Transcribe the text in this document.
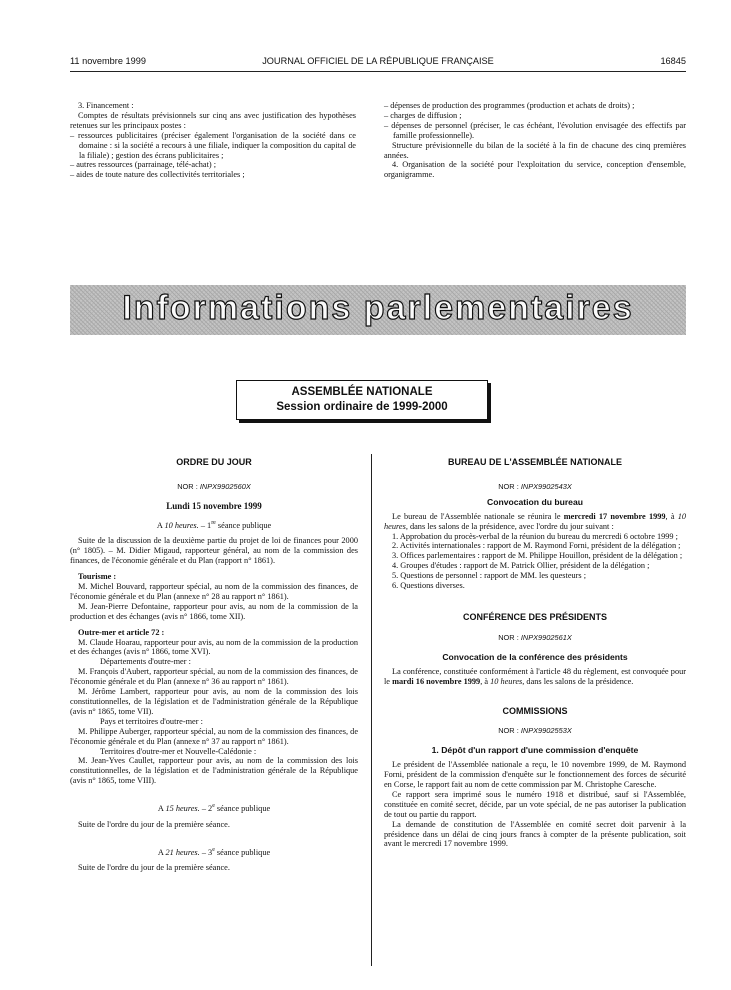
11 novembre 1999	JOURNAL OFFICIEL DE LA RÉPUBLIQUE FRANÇAISE	16845

3. Financement :

Comptes de résultats prévisionnels sur cinq ans avec justification des hypothèses retenues sur les principaux postes :

– ressources publicitaires (préciser également l'organisation de la société dans ce domaine : si la société a recours à une filiale, indiquer la composition du capital de la filiale) ; gestion des écrans publicitaires ;

– autres ressources (parrainage, télé-achat) ;

– aides de toute nature des collectivités territoriales ;

– dépenses de production des programmes (production et achats de droits) ;

– charges de diffusion ;

– dépenses de personnel (préciser, le cas échéant, l'évolution envisagée des effectifs par famille professionnelle).

Structure prévisionnelle du bilan de la société à la fin de chacune des cinq premières années.

4. Organisation de la société pour l'exploitation du service, conception d'ensemble, organigramme.

Informations parlementaires
ASSEMBLÉE NATIONALE
Session ordinaire de 1999-2000

ORDRE DU JOUR

NOR : INPX9902560X

Lundi 15 novembre 1999

A 10 heures. – 1re séance publique

Suite de la discussion de la deuxième partie du projet de loi de finances pour 2000 (n° 1805). – M. Didier Migaud, rapporteur général, au nom de la commission des finances, de l'économie générale et du Plan (rapport n° 1861).

Tourisme :

M. Michel Bouvard, rapporteur spécial, au nom de la commission des finances, de l'économie générale et du Plan (annexe n° 28 au rapport n° 1861).

M. Jean-Pierre Defontaine, rapporteur pour avis, au nom de la commission de la production et des échanges (avis n° 1866, tome XII).

Outre-mer et article 72 :

M. Claude Hoarau, rapporteur pour avis, au nom de la commission de la production et des échanges (avis n° 1866, tome XVI).

Départements d'outre-mer :

M. François d'Aubert, rapporteur spécial, au nom de la commission des finances, de l'économie générale et du Plan (annexe n° 36 au rapport n° 1861).

M. Jérôme Lambert, rapporteur pour avis, au nom de la commission des lois constitutionnelles, de la législation et de l'administration générale de la République (avis n° 1865, tome VII).

Pays et territoires d'outre-mer :

M. Philippe Auberger, rapporteur spécial, au nom de la commission des finances, de l'économie générale et du Plan (annexe n° 37 au rapport n° 1861).

Territoires d'outre-mer et Nouvelle-Calédonie :

M. Jean-Yves Caullet, rapporteur pour avis, au nom de la commission des lois constitutionnelles, de la législation et de l'administration générale de la République (avis n° 1865, tome VIII).

A 15 heures. – 2e séance publique

Suite de l'ordre du jour de la première séance.

A 21 heures. – 3e séance publique

Suite de l'ordre du jour de la première séance.

BUREAU DE L'ASSEMBLÉE NATIONALE

NOR : INPX9902543X

Convocation du bureau

Le bureau de l'Assemblée nationale se réunira le mercredi 17 novembre 1999, à 10 heures, dans les salons de la présidence, avec l'ordre du jour suivant :

1. Approbation du procès-verbal de la réunion du bureau du mercredi 6 octobre 1999 ;

2. Activités internationales : rapport de M. Raymond Forni, président de la délégation ;

3. Offices parlementaires : rapport de M. Philippe Houillon, président de la délégation ;

4. Groupes d'études : rapport de M. Patrick Ollier, président de la délégation ;

5. Questions de personnel : rapport de MM. les questeurs ;

6. Questions diverses.

CONFÉRENCE DES PRÉSIDENTS

NOR : INPX9902561X

Convocation de la conférence des présidents

La conférence, constituée conformément à l'article 48 du règlement, est convoquée pour le mardi 16 novembre 1999, à 10 heures, dans les salons de la présidence.

COMMISSIONS

NOR : INPX9902553X

1. Dépôt d'un rapport d'une commission d'enquête

Le président de l'Assemblée nationale a reçu, le 10 novembre 1999, de M. Raymond Forni, président de la commission d'enquête sur le fonctionnement des forces de sécurité en Corse, le rapport fait au nom de cette commission par M. Christophe Caresche.

Ce rapport sera imprimé sous le numéro 1918 et distribué, sauf si l'Assemblée, constituée en comité secret, décide, par un vote spécial, de ne pas autoriser la publication de tout ou partie du rapport.

La demande de constitution de l'Assemblée en comité secret doit parvenir à la présidence dans un délai de cinq jours francs à compter de la présente publication, soit avant le mercredi 17 novembre 1999.
